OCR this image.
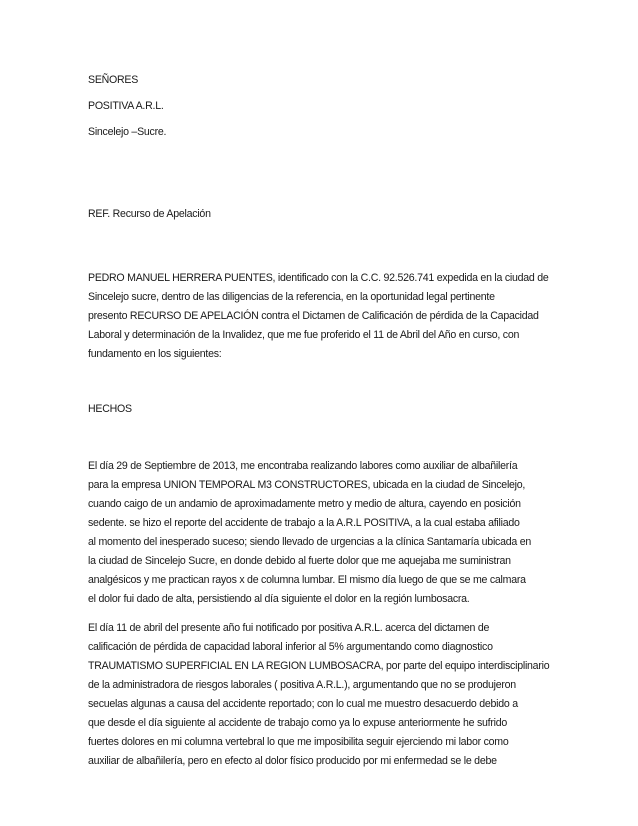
SEÑORES
POSITIVA A.R.L.
Sincelejo –Sucre.
REF. Recurso de Apelación
PEDRO MANUEL HERRERA PUENTES, identificado con la C.C. 92.526.741 expedida en la ciudad de
Sincelejo sucre, dentro de las diligencias de la referencia, en la oportunidad legal pertinente
presento RECURSO DE APELACIÓN contra el Dictamen de Calificación de pérdida de la Capacidad
Laboral y determinación de la Invalidez, que me fue proferido el 11 de Abril del Año en curso, con
fundamento en los siguientes:
HECHOS
El día 29 de Septiembre de 2013, me encontraba realizando labores como auxiliar de albañilería
para la empresa UNION TEMPORAL M3 CONSTRUCTORES, ubicada en la ciudad de Sincelejo,
cuando caigo de un andamio de aproximadamente metro y medio de altura, cayendo en posición
sedente. se hizo el reporte del accidente de trabajo a la A.R.L POSITIVA, a la cual estaba afiliado
al momento del inesperado suceso; siendo llevado de urgencias a la clínica Santamaría ubicada en
la ciudad de Sincelejo Sucre, en donde debido al fuerte dolor que me aquejaba me suministran
analgésicos y me practican rayos x de columna lumbar. El mismo día luego de que se me calmara
el dolor fui dado de alta, persistiendo al día siguiente el dolor en la región lumbosacra.
El día 11 de abril del presente año fui notificado por positiva A.R.L. acerca del dictamen de
calificación de pérdida de capacidad laboral inferior al 5% argumentando como diagnostico
TRAUMATISMO SUPERFICIAL EN LA REGION LUMBOSACRA, por parte del equipo interdisciplinario
de la administradora de riesgos laborales ( positiva A.R.L.), argumentando que no se produjeron
secuelas algunas a causa del accidente reportado; con lo cual me muestro desacuerdo debido a
que desde el día siguiente al accidente de trabajo como ya lo expuse anteriormente he sufrido
fuertes dolores en mi columna vertebral lo que me imposibilita seguir ejerciendo mi labor como
auxiliar de albañilería, pero en efecto al dolor físico producido por mi enfermedad se le debe
